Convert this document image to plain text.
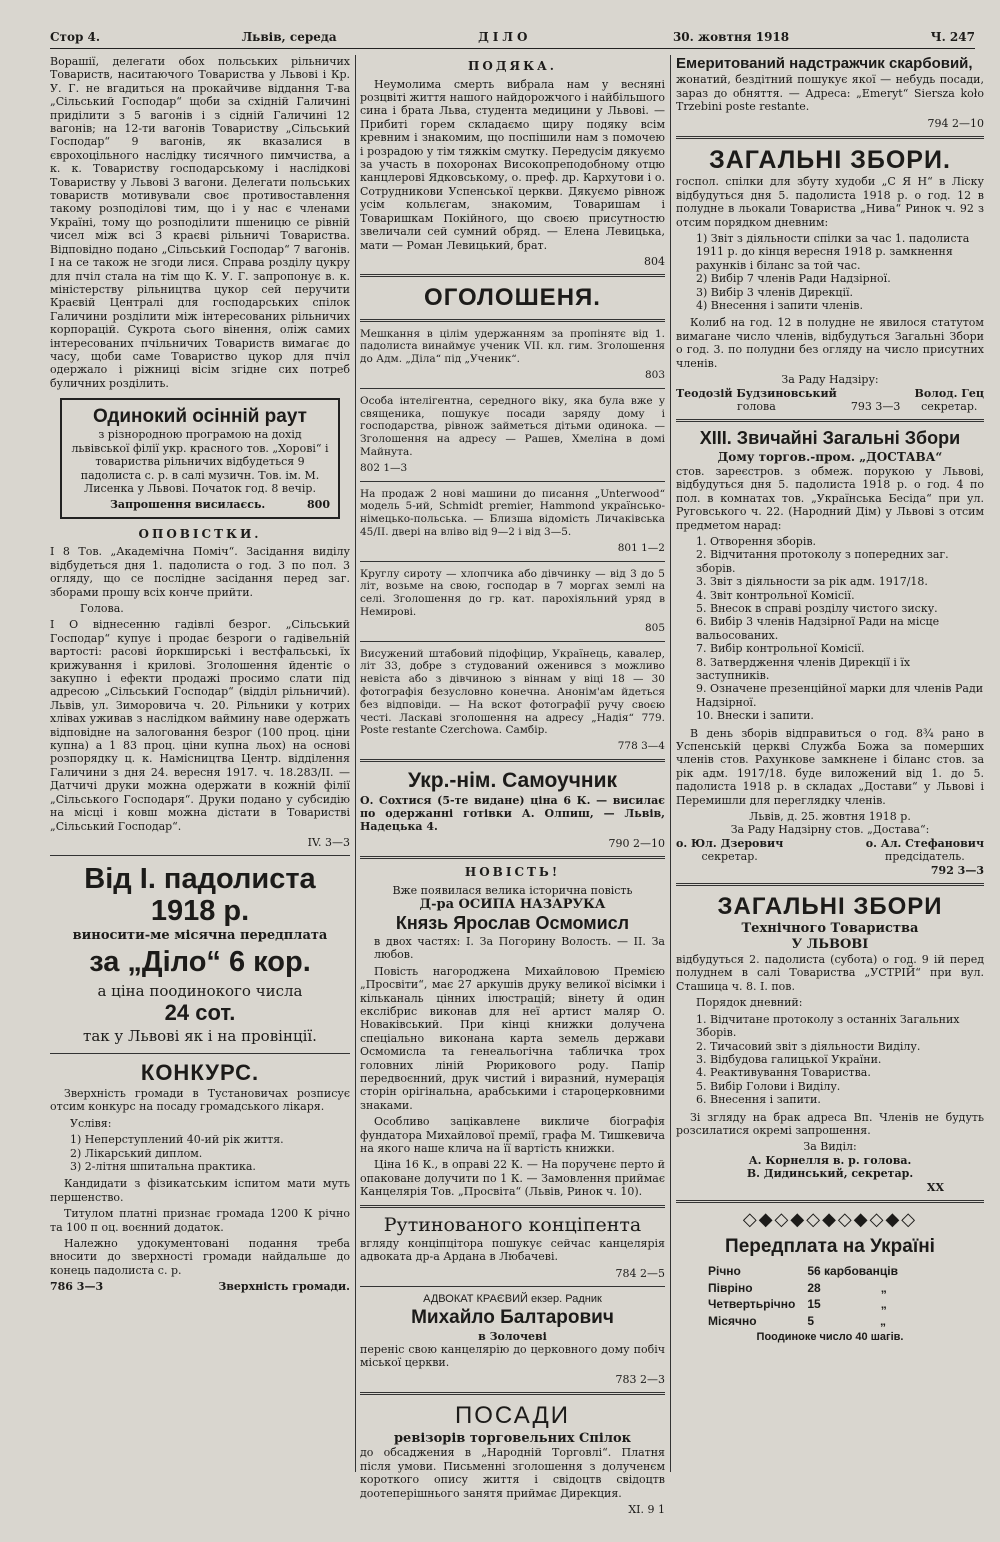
Стор 4.	Львів, середа	ДІЛО	30. жовтня 1918	Ч. 247

Ворашії, делегати обох польських рільничих Товариств, наситаючого Товариства у Львові і Кр. У. Г. не вгадиться на прокайчиве віддання Т-ва „Сільський Господар“ щоби за східній Галичині приділити з 5 вагонів і з сідній Галичині 12 вагонів; на 12-ти вагонів Товариству „Сільський Господар“ 9 вагонів, як вказалися в єврохоцільного наслідку тисячного пимчиства, а к. к. Товариству господарському і наслідкові Товариству у Львові 3 вагони. Делегати польських товариств мотивували своє противоставлення такому розподілові тим, що і у нас є членами Україні, тому що розподілити пшеницю се рівній чисел між всі 3 краєві рільничі Товариства. Відповідно подано „Сільський Господар“ 7 вагонів. І на се також не згоди лися. Справа розділу цукру для пчіл стала на тім що К. У. Г. запропонує в. к. міністерству рільництва цукор сей перучити Краєвій Централі для господарських спілок Галичини розділити між інтересованих рільничих корпорацій. Сукрота сього вінення, оліж самих інтересованих пчільничих Товариств вимагає до часу, щоби саме Товариство цукор для пчіл одержало і ріжниці вісім згідне сих потреб буличних розділить.

Одинокий осінній раут

з різнородною програмою на дохід львівської філії укр. красного тов. „Хорові“ і товариства рільничих відбудеться 9 падолиста с. р. в салі музичн. Тов. ім. М. Лисенка у Львові. Початок год. 8 вечір.

Запрошення висилаєсь.	800
ОПОВІСТКИ.

І 8 Тов. „Академічна Поміч“. Засідання виділу відбудеться дня 1. падолиста о год. 3 по пол. 3 огляду, що се послідне засідання перед заг. зборами прошу всіх конче прийти.

Голова.

І О віднесенню гадівлі безрог. „Сільський Господар“ купує і продає безроги о гадівельній вартості: расові йоркширські і вестфальські, їх крижування і крилові. Зголошення йдентіє о закупно і ефекти продажі просимо слати під адресою „Сільський Господар“ (відділ рільничий). Львів, ул. Зиморовича ч. 20. Рільники у котрих хлівах уживав з наслідком ваймину наве одержать відповідне на залоговання безрог (100 проц. ціни купна) а 1 83 проц. ціни купна льох) на основі розпорядку ц. к. Намісництва Центр. відділення Галичини з дня 24. вересня 1917. ч. 18.283/II. — Датчичі друки можна одержати в кожній філії „Сільського Господаря“. Друки подано у субсидію на місці і ковш можна дістати в Товаристві „Сільський Господар“.

IV. 3—3

Від І. падолиста 1918 р.
виносити-ме місячна передплата
за „Діло“ 6 кор.
а ціна поодинокого числа
24 сот.
так у Львові як і на провінції.
КОНКУРС.

Зверхність громади в Тустановичах розписує отсим конкурс на посаду громадського лікаря.

Услівя:

1) Неперступлений 40-ий рік життя.
2) Лікарський диплом.
3) 2-літня шпитальна практика.

Кандидати з фізикатським іспитом мати муть першенство.

Титулом платні признає громада 1200 К річно та 100 п оц. воєнний додаток.

Належно удокументовані подання треба вносити до зверхності громади найдальше до конець падолиста с. р.

786 3—3	Зверхність громади.
ПОДЯКА.

Неумолима смерть вибрала нам у весняні розцвіті життя нашого найдорожчого і найбільшого сина і брата Льва, студента медицини у Львові. — Прибиті горем складаємо щиру подяку всім кревним і знакомим, що поспішили нам з помочею і розрадою у тім тяжкім смутку. Передусім дякуємо за участь в похоронах Високопреподобному отцю канцлерові Ядковському, о. преф. др. Кархутови і о. Сотрудникови Успенської церкви. Дякуємо рівнож усім кольлєгам, знакомим, Товаришам і Товаришкам Покійного, що своєю присутностю звеличали сей сумний обряд. — Елена Левицька, мати — Роман Левицький, брат.

804

ОГОЛОШЕНЯ.

Мешкання в цілім удержанням за пропінятє від 1. падолиста винаймує ученик VII. кл. гим. Зголошення до Адм. „Діла“ під „Ученик“.

803

Особа інтелігентна, середного віку, яка була вже у священика, пошукує посади заряду дому і господарства, рівнож займеться дітьми одинока. — Зголошення на адресу — Рашев, Хмеліна в домі Майнута.

802 1—3

На продаж 2 нові машини до писання „Unterwood“ модель 5-ий, Schmidt premier, Hammond українсько-німецько-польська. — Близша відомість Личаківська 45/II. двері на вліво від 9—2 і від 3—5.

801 1—2

Круглу сироту — хлопчика або дівчинку — від 3 до 5 літ, возьме на свою, господар в 7 моргах землі на селі. Зголошення до гр. кат. парохіяльний уряд в Немирові.

805

Висужений штабовий підофіцир, Українець, кавалер, літ 33, добре з студований оженився з можливо невіста або з дівчиною з віннам у віці 18 — 30 фотографія безусловно конечна. Анонім'ам йдеться без відповіди. — На вскот фотографії ручу своєю честі. Ласкаві зголошення на адресу „Надія“ 779. Poste restante Czerchowa. Самбір.

778 3—4

Укр.-нім. Самоучник

О. Сохтися (5-те видане) ціна 6 К. — висилає по одержанні готівки А. Олпиш, — Львів, Надецька 4.

790 2—10

НОВІСТЬ!
Вже появилася велика історична повість
Д-ра ОСИПА НАЗАРУКА
Князь Ярослав Осмомисл

в двох частях: І. За Погорину Волость. — ІІ. За любов.

Повість нагороджена Михайловою Премією „Просвіти“, має 27 аркушів друку великої вісімки і кільканаль цінних ілюстрацій; вінету й один екслібрис виконав для неї артист маляр О. Новаківський. При кінці книжки долучена спеціально виконана карта земель держави Осмомисла та генеальогічна табличка трох головних ліній Рюрикового роду. Папір передвоєнний, друк чистий і виразний, нумерація сторін орігінальна, арабськими і староцерковними знаками.

Особливо зацікавлене викличе біографія фундатора Михайлової премії, графа М. Тишкевича на якого наше клича на її вартість книжки.

Ціна 16 К., в оправі 22 К. — На порученє перто й опаковане долучити по 1 К. — Замовлення приймає Канцелярія Тов. „Просвіта“ (Львів, Ринок ч. 10).

Рутинованого концiпента

вгляду конціпцітора пошукує сейчас канцелярія адвоката др-а Ардана в Любачеві.

784 2—5

АДВОКАТ КРАЄВИЙ екзер. Радник
Михайло Балтарович
в Золочеві

переніс свою канцелярію до церковного дому побіч міської церкви.

783 2—3

ПОСАДИ
ревізорів торговельних Спілок

до обсаджения в „Народній Торговлі“. Платня після умови. Письменні зголошення з долученєм короткого опису життя і свідоцтв свідоцтв доотеперішнього занятя приймає Дирекция.

ХІ. 9 1

Емеритований надстражчик скарбовий,

жонатий, бездітний пошукує якої — небудь посади, зараз до обняття. — Адреса: „Emeryt“ Siersza koło Trzebini poste restante.

794 2—10

ЗАГАЛЬНІ ЗБОРИ.

госпол. спілки для збуту худоби „С Я Н“ в Ліску відбудуться дня 5. падолиста 1918 р. о год. 12 в полудне в льокали Товариства „Нива“ Ринок ч. 92 з отсим порядком дневним:

1) Звіт з діяльности спілки за час 1. падолиста 1911 р. до кінця вересня 1918 р. замкнення рахунків і біланс за той час.
2) Вибір 7 членів Ради Надзірної.
3) Вибір 3 членів Дирекції.
4) Внесення і запити членів.

Колиб на год. 12 в полудне не явилося статутом вимагане число членів, відбудуться Загальні Збори о год. 3. по полудни без огляду на число присутних членів.

За Раду Надзіру:
Теодозій Будзиновський
голова	793 3—3
Волод. Гец
секретар.
ХІІІ. Звичайні Загальні Збори
Дому торгов.-пром. „ДОСТАВА“

стов. зареєстров. з обмеж. порукою у Львові, відбудуться дня 5. падолиста 1918 р. о год. 4 по пол. в комнатах тов. „Українська Бесіда“ при ул. Руговського ч. 22. (Народний Дім) у Львові з отсим предметом нарад:

1. Отворення зборів.
2. Відчитання протоколу з попередних заг. зборів.
3. Звіт з діяльности за рік адм. 1917/18.
4. Звіт контрольної Комісії.
5. Внесок в справі розділу чистого зиску.
6. Вибір 3 членів Надзірної Ради на місце вальосованих.
7. Вибір контрольної Комісії.
8. Затвердження членів Дирекції і їх заступників.
9. Означене презенційної марки для членів Ради Надзірної.
10. Внески і запити.

В день зборів відправиться о год. 8¾ рано в Успенській церкві Служба Божа за померших членів стов. Рахункове замкнене і біланс стов. за рік адм. 1917/18. буде виложений від 1. до 5. падолиста 1918 р. в складах „Достави“ у Львові і Перемишли для переглядку членів.

Львів, д. 25. жовтня 1918 р.
За Раду Надзірну стов. „Достава“:
о. Юл. Дзерович
секретар.
о. Ал. Стефанович
предсідатель.

792 3—3

ЗАГАЛЬНІ ЗБОРИ
Технічного Товариства
У ЛЬВОВІ

відбудуться 2. падолиста (субота) о год. 9 ій перед полуднем в салі Товариства „УСТРІЙ“ при вул. Сташица ч. 8. І. пов.

Порядок дневний:

1. Відчитане протоколу з останніх Загальних Зборів.
2. Тичасовий звіт з діяльности Виділу.
3. Відбудова галицької України.
4. Реактивування Товариства.
5. Вибір Голови і Виділу.
6. Внесення і запити.

Зі згляду на брак адреса Вп. Членів не будуть розсилатися окремі запрошення.

За Виділ:
А. Корнелля в. р. голова.
В. Дидинський, секретар.

XX

◇◆◇◆◇◆◇◆◇◆◇
Передплата на Україні
Річно	56 карбованців
Півріно	28 „
Четвертьрічно	15 „
Місячно	5 „
Поодиноке число 40 шагів.
